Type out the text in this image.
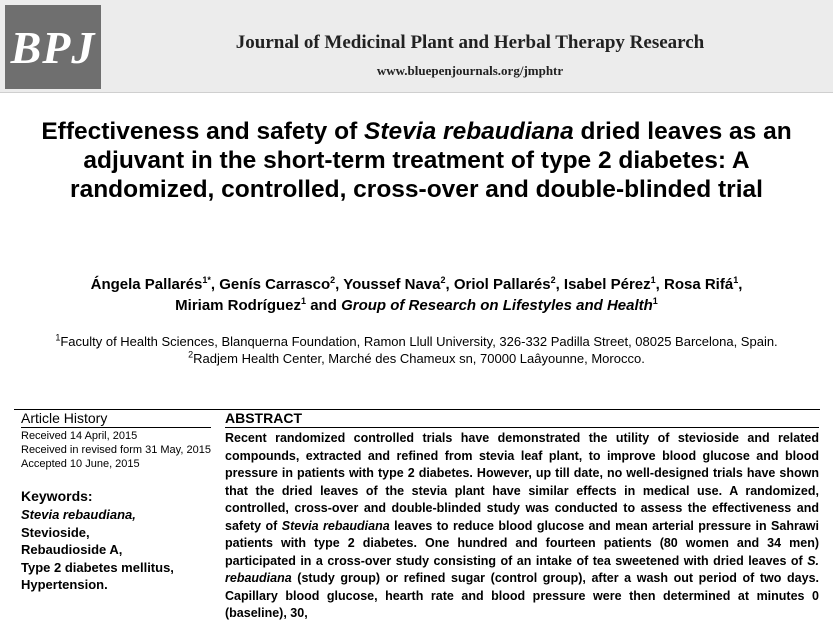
BPJ	Journal of Medicinal Plant and Herbal Therapy Research
www.bluepenjournals.org/jmphtr
Effectiveness and safety of Stevia rebaudiana dried leaves as an adjuvant in the short-term treatment of type 2 diabetes: A randomized, controlled, cross-over and double-blinded trial
Ángela Pallarés$^{1*}$, Genís Carrasco$^2$, Youssef Nava$^2$, Oriol Pallarés$^2$, Isabel Pérez$^1$, Rosa Rifá$^1$,
Miriam Rodríguez$^1$ and Group of Research on Lifestyles and Health$^1$
$^1$Faculty of Health Sciences, Blanquerna Foundation, Ramon Llull University, 326-332 Padilla Street, 08025 Barcelona, Spain.
$^2$Radjem Health Center, Marché des Chameux sn, 70000 Laâyounne, Morocco.
Article History
Received 14 April, 2015
Received in revised form 31 May, 2015
Accepted 10 June, 2015
Keywords:
Stevia rebaudiana,
Stevioside,
Rebaudioside A,
Type 2 diabetes mellitus,
Hypertension.
ABSTRACT
Recent randomized controlled trials have demonstrated the utility of stevioside and related compounds, extracted and refined from stevia leaf plant, to improve blood glucose and blood pressure in patients with type 2 diabetes. However, up till date, no well-designed trials have shown that the dried leaves of the stevia plant have similar effects in medical use. A randomized, controlled, cross-over and double-blinded study was conducted to assess the effectiveness and safety of Stevia rebaudiana leaves to reduce blood glucose and mean arterial pressure in Sahrawi patients with type 2 diabetes. One hundred and fourteen patients (80 women and 34 men) participated in a cross-over study consisting of an intake of tea sweetened with dried leaves of S. rebaudiana (study group) or refined sugar (control group), after a wash out period of two days. Capillary blood glucose, hearth rate and blood pressure were then determined at minutes 0 (baseline), 30,
